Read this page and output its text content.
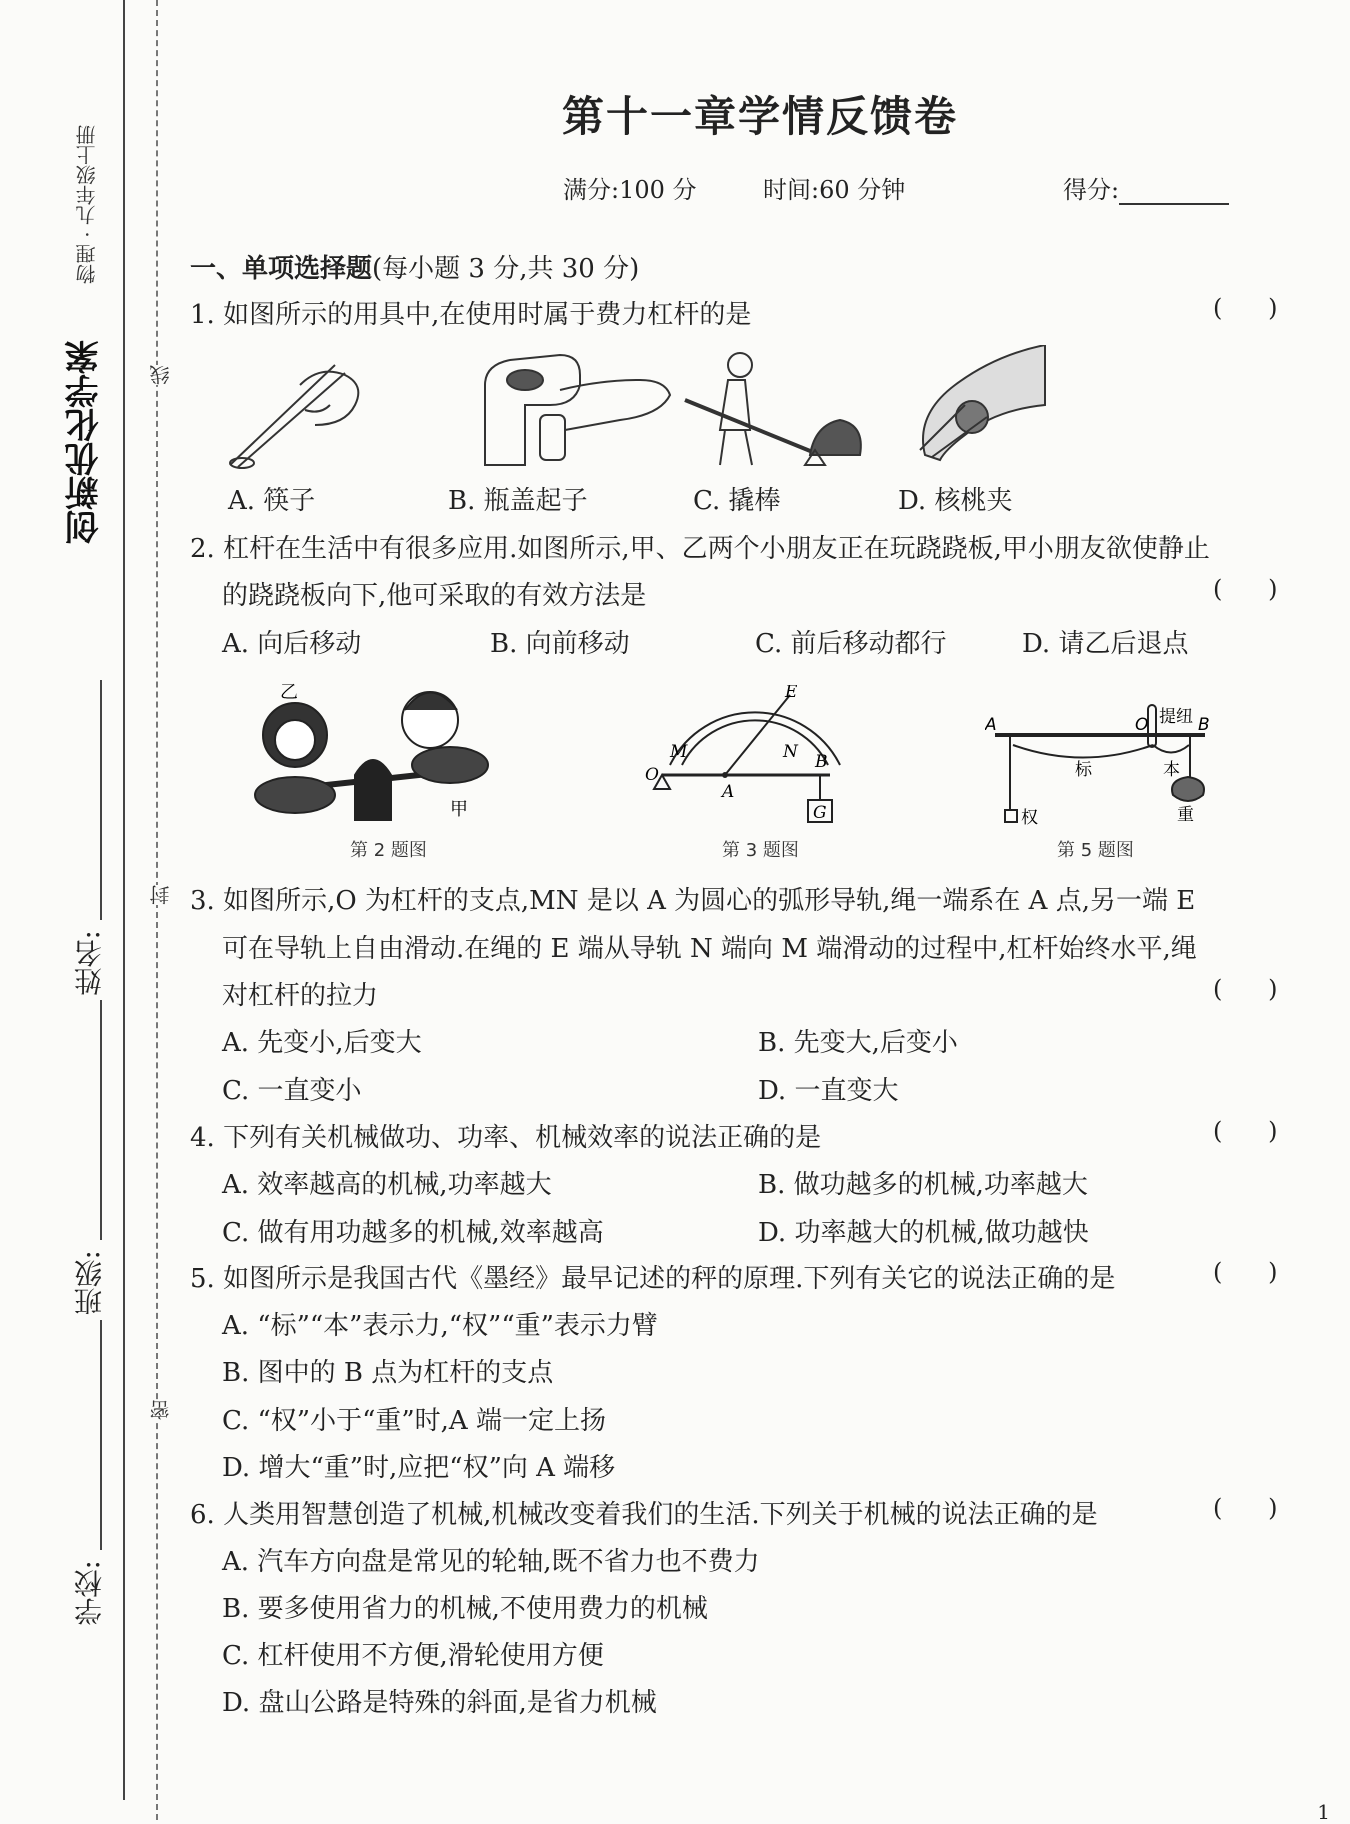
物理 · 九年级上册
创新优化学案
姓名:
班级:
学校:
线
封
密
第十一章学情反馈卷
满分:100 分	时间:60 分钟	得分:
一、单项选择题(每小题 3 分,共 30 分)
1. 如图所示的用具中,在使用时属于费力杠杆的是	(      )
A. 筷子	B. 瓶盖起子	C. 撬棒	D. 核桃夹
2. 杠杆在生活中有很多应用.如图所示,甲、乙两个小朋友正在玩跷跷板,甲小朋友欲使静止
的跷跷板向下,他可采取的有效方法是	(      )
A. 向后移动	B. 向前移动	C. 前后移动都行	D. 请乙后退点
乙
甲
第 2 题图
E
M	N
O
A
B
G
第 3 题图
A	O 提纽 B
标	本
权	重
第 5 题图
3. 如图所示,O 为杠杆的支点,MN 是以 A 为圆心的弧形导轨,绳一端系在 A 点,另一端 E
可在导轨上自由滑动.在绳的 E 端从导轨 N 端向 M 端滑动的过程中,杠杆始终水平,绳
对杠杆的拉力	(      )
A. 先变小,后变大	B. 先变大,后变小
C. 一直变小	D. 一直变大
4. 下列有关机械做功、功率、机械效率的说法正确的是	(      )
A. 效率越高的机械,功率越大	B. 做功越多的机械,功率越大
C. 做有用功越多的机械,效率越高	D. 功率越大的机械,做功越快
5. 如图所示是我国古代《墨经》最早记述的秤的原理.下列有关它的说法正确的是	(      )
A. “标”“本”表示力,“权”“重”表示力臂
B. 图中的 B 点为杠杆的支点
C. “权”小于“重”时,A 端一定上扬
D. 增大“重”时,应把“权”向 A 端移
6. 人类用智慧创造了机械,机械改变着我们的生活.下列关于机械的说法正确的是	(      )
A. 汽车方向盘是常见的轮轴,既不省力也不费力
B. 要多使用省力的机械,不使用费力的机械
C. 杠杆使用不方便,滑轮使用方便
D. 盘山公路是特殊的斜面,是省力机械
1
